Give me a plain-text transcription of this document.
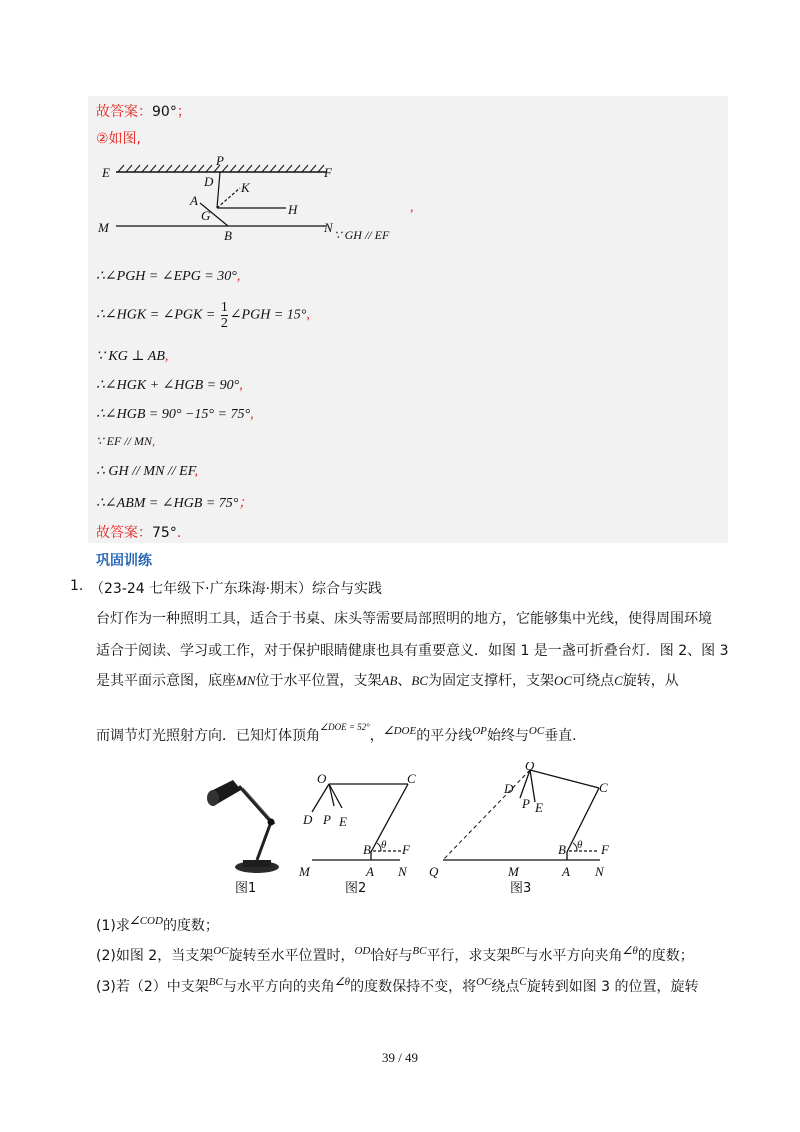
故答案：90°；
②如图,
E	F
P
D K
A
G	H
M
B
N
,
∵ GH // EF
∴∠PGH = ∠EPG = 30°,
∴∠HGK = ∠PGK = $\frac{1}{2}$ ∠PGH = 15°,
∵ KG ⊥ AB,
∴∠HGK + ∠HGB = 90°,
∴∠HGB = 90° −15° = 75°,
∵ EF // MN,
∴ GH // MN // EF,
∴∠ABM = ∠HGB = 75°；
故答案：75°.
巩固训练
1. （23-24 七年级下·广东珠海·期末）综合与实践
台灯作为一种照明工具，适合于书桌、床头等需要局部照明的地方，它能够集中光线，使得周围环境
适合于阅读、学习或工作，对于保护眼睛健康也具有重要意义．如图 1 是一盏可折叠台灯．图 2、图 3
是其平面示意图，底座MN位于水平位置，支架AB、BC为固定支撑杆，支架OC可绕点C旋转，从
而调节灯光照射方向．已知灯体顶角$^{\angle DOE = 52^\circ}$，$^{\angle DOE}$的平分线$^{OP}$始终与$^{OC}$垂直．
O	C
D P E
B θ F
M	A N
O
D
P E
C
B θ F
Q	M	A N
图1	图2	图3
(1)求$^{\angle COD}$的度数；
(2)如图 2，当支架$^{OC}$旋转至水平位置时，$^{OD}$恰好与$^{BC}$平行，求支架$^{BC}$与水平方向夹角$^{\angle\theta}$的度数；
(3)若（2）中支架$^{BC}$与水平方向的夹角$^{\angle\theta}$的度数保持不变，将$^{OC}$绕点$^C$旋转到如图 3 的位置，旋转
39 / 49
